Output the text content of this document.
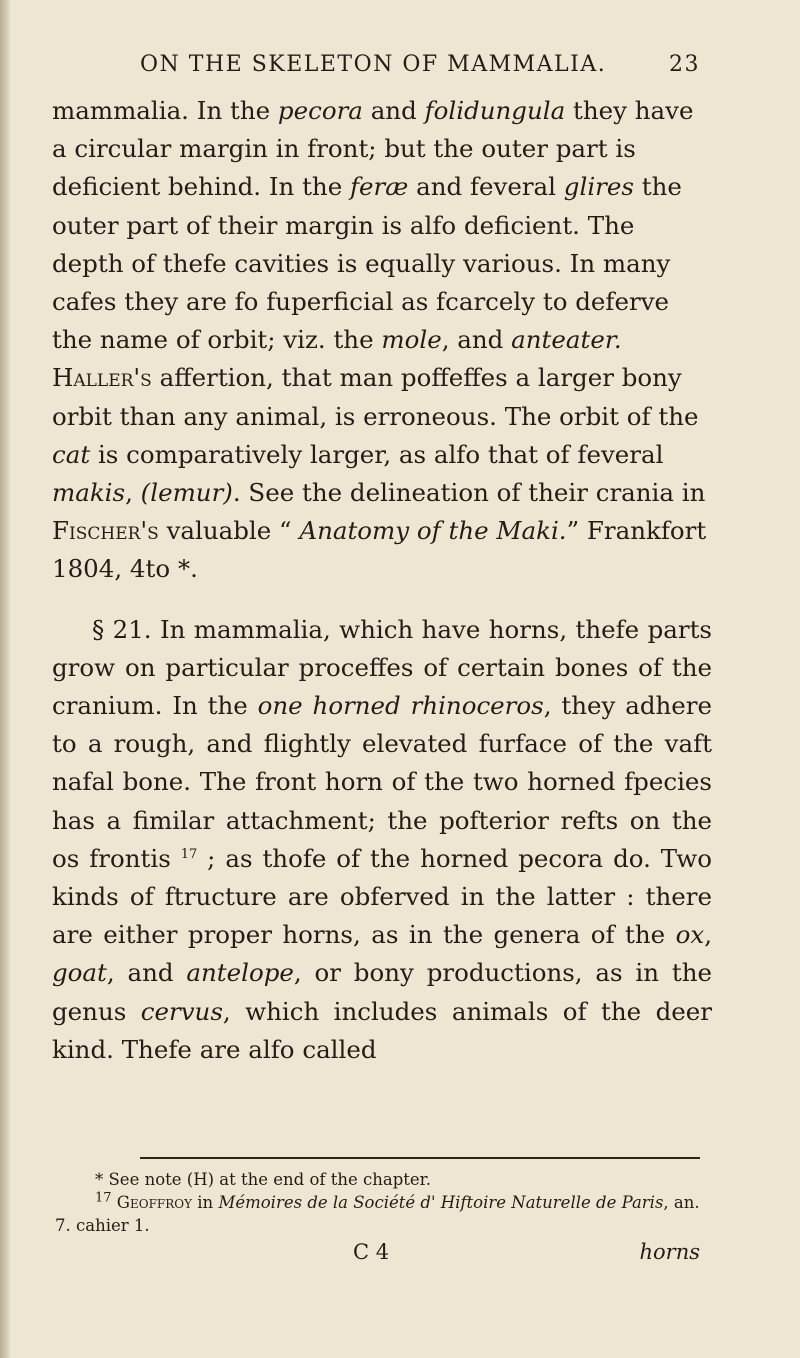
ON THE SKELETON OF MAMMALIA.	23

mammalia. In the pecora and folidungula they have a circular margin in front; but the outer part is deficient behind. In the feræ and feveral glires the outer part of their margin is alfo deficient. The depth of thefe cavities is equally various. In many cafes they are fo fuperficial as fcarcely to deferve the name of orbit; viz. the mole, and anteater. Haller's affertion, that man poffeffes a larger bony orbit than any animal, is erroneous. The orbit of the cat is comparatively larger, as alfo that of feveral makis, (lemur). See the delineation of their crania in Fischer's valuable “ Anatomy of the Maki.” Frankfort 1804, 4to *.

§ 21. In mammalia, which have horns, thefe parts grow on particular proceffes of certain bones of the cranium. In the one horned rhinoceros, they adhere to a rough, and flightly elevated furface of the vaft nafal bone. The front horn of the two horned fpecies has a fimilar attachment; the pofterior refts on the os frontis $^{17}$ ; as thofe of the horned pecora do. Two kinds of ftructure are obferved in the latter : there are either proper horns, as in the genera of the ox, goat, and antelope, or bony productions, as in the genus cervus, which includes animals of the deer kind. Thefe are alfo called

* See note (H) at the end of the chapter.

$^{17}$ Geoffroy in Mémoires de la Société d' Hiftoire Naturelle de Paris, an. 7. cahier 1.

C 4	horns
